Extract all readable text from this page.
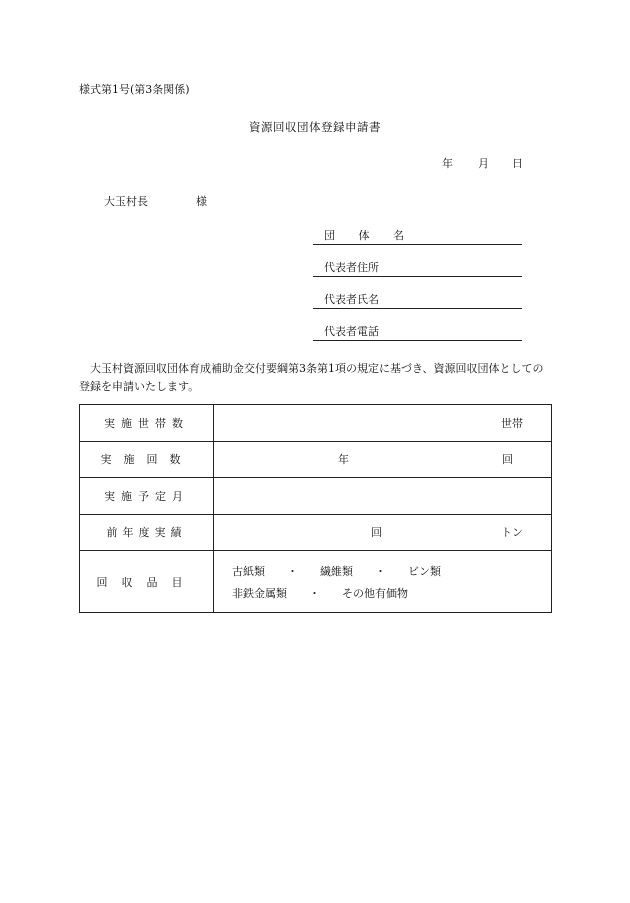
様式第1号(第3条関係)
資源回収団体登録申請書
年 月 日
大玉村長	様
団 体 名
代表者住所
代表者氏名
代表者電話
大玉村資源回収団体育成補助金交付要綱第3条第1項の規定に基づき、資源回収団体としての登録を申請いたします。
実施世帯数	世帯

実施回数	年 回

実施予定月	
前年度実績	回 トン

回収品目	古紙類　　・　　繊維類　　・　　ビン類
非鉄金属類　　・　　その他有価物
